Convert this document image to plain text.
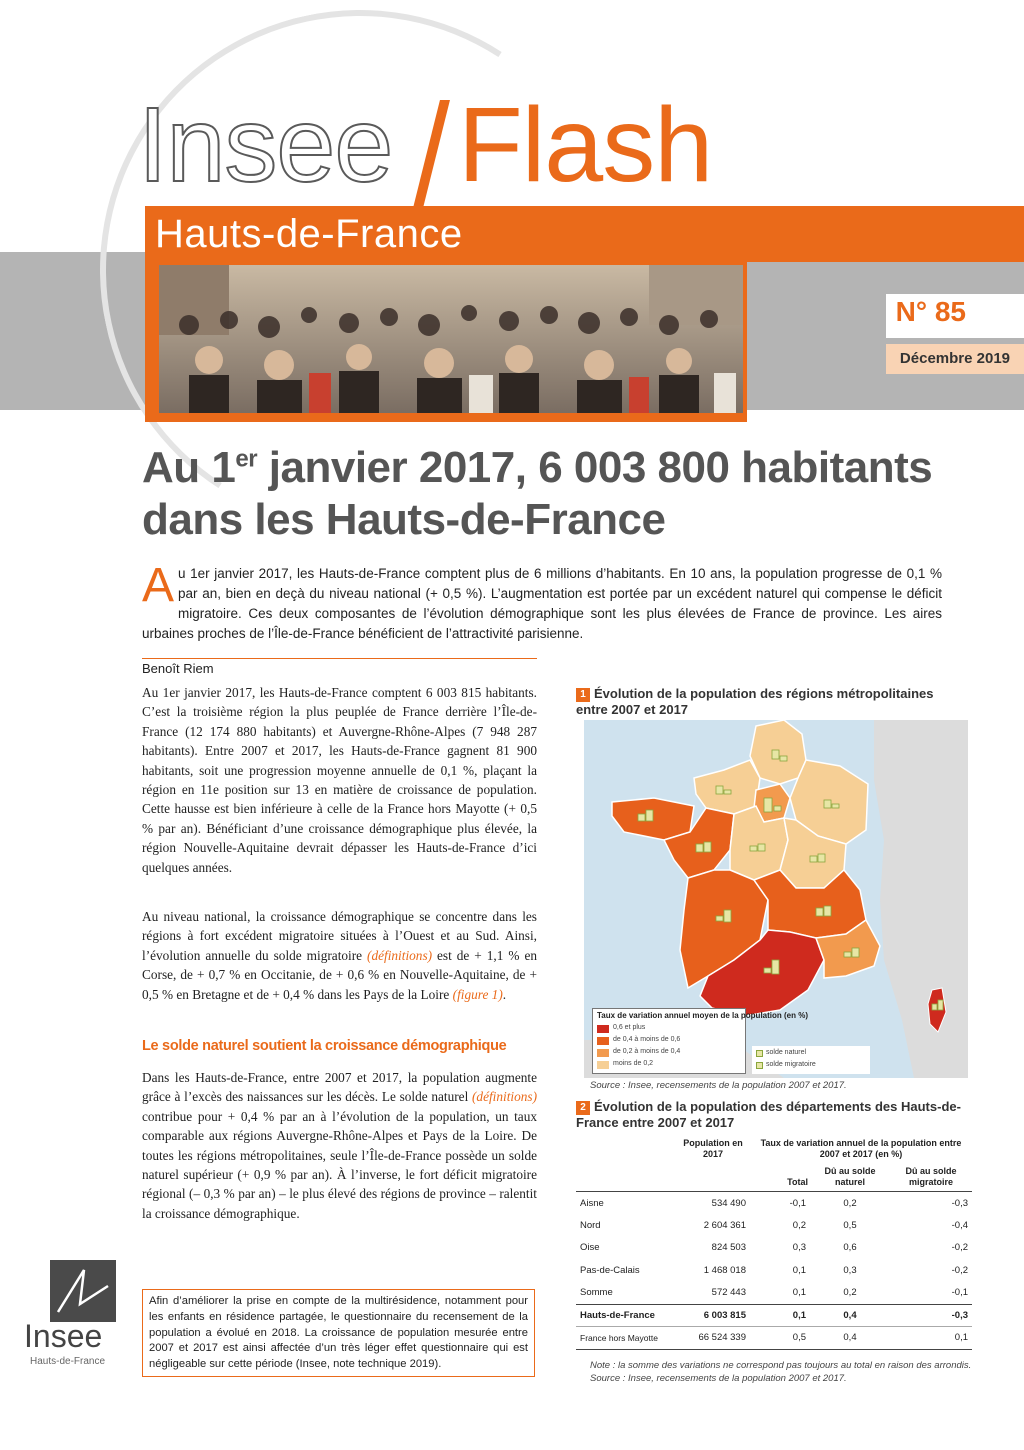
Insee Flash
Hauts-de-France
N° 85
Décembre 2019
Au 1er janvier 2017, 6 003 800 habitants
dans les Hauts-de-France
Au 1er janvier 2017, les Hauts-de-France comptent plus de 6 millions d’habitants. En 10 ans, la population progresse de 0,1 % par an, bien en deçà du niveau national (+ 0,5 %). L’augmentation est portée par un excédent naturel qui compense le déficit migratoire. Ces deux composantes de l’évolution démographique sont les plus élevées de France de province. Les aires urbaines proches de l’Île-de-France bénéficient de l’attractivité parisienne.
Benoît Riem

Au 1er janvier 2017, les Hauts-de-France comptent 6 003 815 habitants. C’est la troisième région la plus peuplée de France derrière l’Île-de-France (12 174 880 habitants) et Auvergne-Rhône-Alpes (7 948 287 habitants). Entre 2007 et 2017, les Hauts-de-France gagnent 81 900 habitants, soit une progression moyenne annuelle de 0,1 %, plaçant la région en 11e position sur 13 en matière de croissance de population. Cette hausse est bien inférieure à celle de la France hors Mayotte (+ 0,5 % par an). Bénéficiant d’une croissance démographique plus élevée, la région Nouvelle-Aquitaine devrait dépasser les Hauts-de-France d’ici quelques années.

Au niveau national, la croissance démographique se concentre dans les régions à fort excédent migratoire situées à l’Ouest et au Sud. Ainsi, l’évolution annuelle du solde migratoire (définitions) est de + 1,1 % en Corse, de + 0,7 % en Occitanie, de + 0,6 % en Nouvelle-Aquitaine, de + 0,5 % en Bretagne et de + 0,4 % dans les Pays de la Loire (figure 1).

Le solde naturel soutient la croissance démographique

Dans les Hauts-de-France, entre 2007 et 2017, la population augmente grâce à l’excès des naissances sur les décès. Le solde naturel (définitions) contribue pour + 0,4 % par an à l’évolution de la population, un taux comparable aux régions Auvergne-Rhône-Alpes et Pays de la Loire. De toutes les régions métropolitaines, seule l’Île-de-France possède un solde naturel supérieur (+ 0,9 % par an). À l’inverse, le fort déficit migratoire régional (– 0,3 % par an) – le plus élevé des régions de province – ralentit la croissance démographique.

Afin d’améliorer la prise en compte de la multirésidence, notamment pour les enfants en résidence partagée, le questionnaire du recensement de la population a évolué en 2018. La croissance de population mesurée entre 2007 et 2017 est ainsi affectée d’un très léger effet questionnaire qui est négligeable sur cette période (Insee, note technique 2019).
Insee
Hauts-de-France
1 Évolution de la population des régions métropolitaines entre 2007 et 2017
Taux de variation annuel moyen de la population (en %)
0,6 et plus
de 0,4 à moins de 0,6
de 0,2 à moins de 0,4
moins de 0,2
solde naturel
solde migratoire
Source : Insee, recensements de la population 2007 et 2017.
2 Évolution de la population des départements des Hauts-de-France entre 2007 et 2017
	Population en 2017	Taux de variation annuel de la population entre 2007 et 2017 (en %)		
		Total	Dû au solde naturel	Dû au solde migratoire
Aisne	534 490	-0,1	0,2	-0,3
Nord	2 604 361	0,2	0,5	-0,4
Oise	824 503	0,3	0,6	-0,2
Pas-de-Calais	1 468 018	0,1	0,3	-0,2
Somme	572 443	0,1	0,2	-0,1
Hauts-de-France	6 003 815	0,1	0,4	-0,3
France hors Mayotte	66 524 339	0,5	0,4	0,1
Note : la somme des variations ne correspond pas toujours au total en raison des arrondis.
Source : Insee, recensements de la population 2007 et 2017.
